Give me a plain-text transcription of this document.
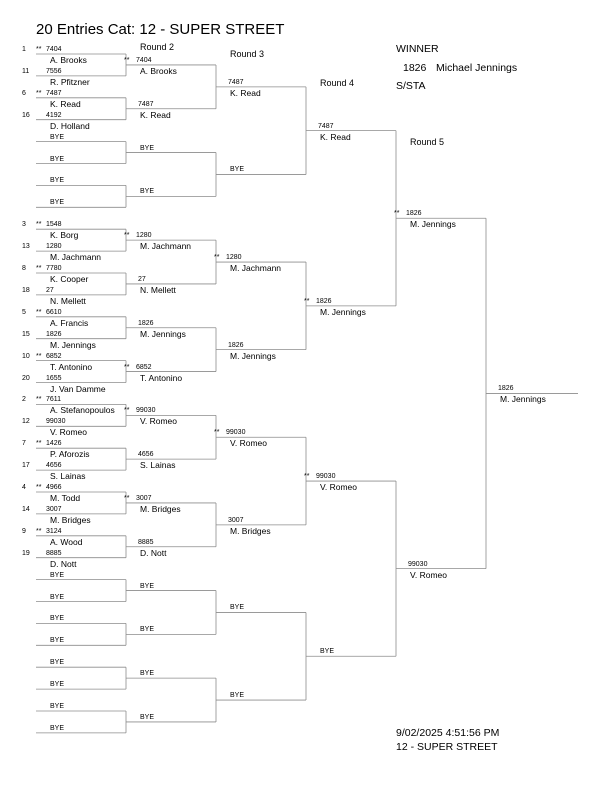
1 ** 7404
A. Brooks
11 7556
R. Pfitzner
6 ** 7487
K. Read
16 4192
D. Holland
BYE
BYE
BYE
BYE
3 ** 1548
K. Borg
13 1280
M. Jachmann
8 ** 7780
K. Cooper
18 27
N. Mellett
5 ** 6610
A. Francis
15 1826
M. Jennings
10 ** 6852
T. Antonino
20 1655
J. Van Damme
2 ** 7611
A. Stefanopoulos
12 99030
V. Romeo
7 ** 1426
P. Aforozis
17 4656
S. Lainas
4 ** 4966
M. Todd
14 3007
M. Bridges
9 ** 3124
A. Wood
19 8885
D. Nott
BYE
BYE
BYE
BYE
BYE
BYE
BYE
BYE
** 7404
A. Brooks
7487
K. Read
BYE
BYE
** 1280
M. Jachmann
27
N. Mellett
1826
M. Jennings
** 6852
T. Antonino
** 99030
V. Romeo
4656
S. Lainas
** 3007
M. Bridges
8885
D. Nott
BYE
BYE
BYE
BYE
7487
K. Read
BYE
** 1280
M. Jachmann
1826
M. Jennings
** 99030
V. Romeo
3007
M. Bridges
BYE
BYE
7487
K. Read
** 1826
M. Jennings
** 99030
V. Romeo
BYE
** 1826
M. Jennings
99030
V. Romeo
1826
M. Jennings
20 Entries Cat: 12 - SUPER STREET
Round 2
Round 3
Round 4
Round 5
WINNER
1826 Michael Jennings
S/STA
9/02/2025 4:51:56 PM
12 - SUPER STREET
